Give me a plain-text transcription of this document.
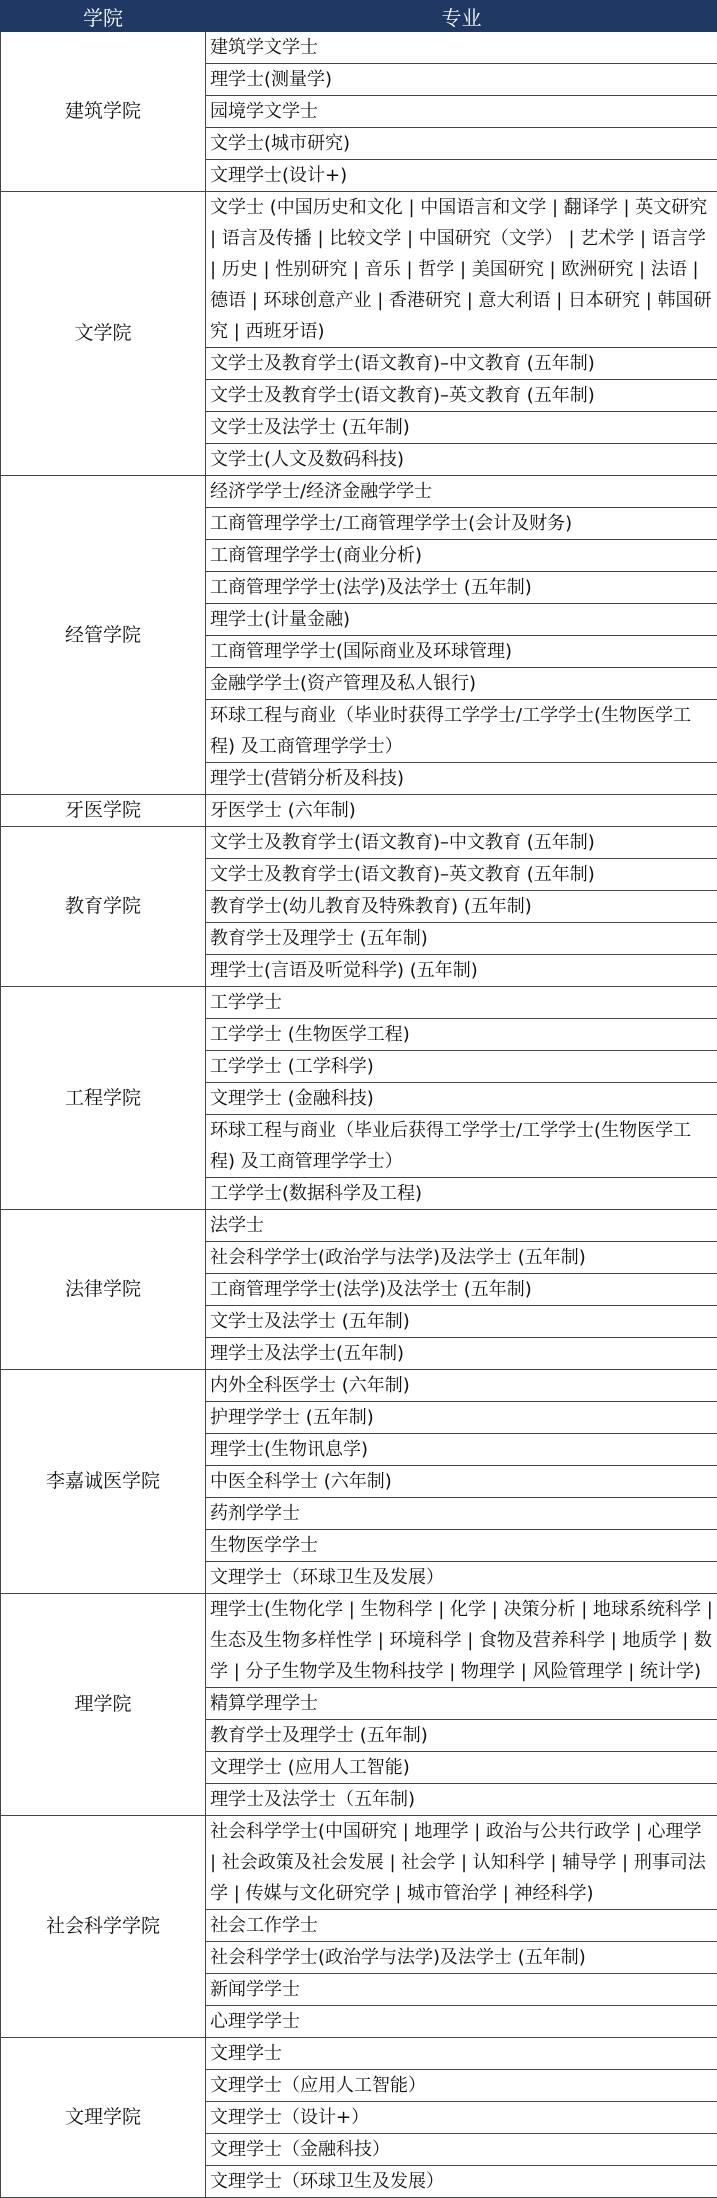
学院	专业
建筑学院	建筑学文学士
	理学士(测量学)
	园境学文学士
	文学士(城市研究)
	文理学士(设计+)
文学院	文学士 (中国历史和文化 | 中国语言和文学 | 翻译学 | 英文研究 | 语言及传播 | 比较文学 | 中国研究（文学） | 艺术学 | 语言学 | 历史 | 性别研究 | 音乐 | 哲学 | 美国研究 | 欧洲研究 | 法语 | 德语 | 环球创意产业 | 香港研究 | 意大利语 | 日本研究 | 韩国研究 | 西班牙语)
	文学士及教育学士(语文教育)–中文教育 (五年制)
	文学士及教育学士(语文教育)–英文教育 (五年制)
	文学士及法学士 (五年制)
	文学士(人文及数码科技)
经管学院	经济学学士/经济金融学学士
	工商管理学学士/工商管理学学士(会计及财务)
	工商管理学学士(商业分析)
	工商管理学学士(法学)及法学士 (五年制)
	理学士(计量金融)
	工商管理学学士(国际商业及环球管理)
	金融学学士(资产管理及私人银行)
	环球工程与商业（毕业时获得工学学士/工学学士(生物医学工程) 及工商管理学学士）
	理学士(营销分析及科技)
牙医学院	牙医学士 (六年制)
教育学院	文学士及教育学士(语文教育)–中文教育 (五年制)
	文学士及教育学士(语文教育)–英文教育 (五年制)
	教育学士(幼儿教育及特殊教育) (五年制)
	教育学士及理学士 (五年制)
	理学士(言语及听觉科学) (五年制)
工程学院	工学学士
	工学学士 (生物医学工程)
	工学学士 (工学科学)
	文理学士 (金融科技)
	环球工程与商业（毕业后获得工学学士/工学学士(生物医学工程) 及工商管理学学士）
	工学学士(数据科学及工程)
法律学院	法学士
	社会科学学士(政治学与法学)及法学士 (五年制)
	工商管理学学士(法学)及法学士 (五年制)
	文学士及法学士 (五年制)
	理学士及法学士(五年制)
李嘉诚医学院	内外全科医学士 (六年制)
	护理学学士 (五年制)
	理学士(生物讯息学)
	中医全科学士 (六年制)
	药剂学学士
	生物医学学士
	文理学士（环球卫生及发展）
理学院	理学士(生物化学 | 生物科学 | 化学 | 决策分析 | 地球系统科学 | 生态及生物多样性学 | 环境科学 | 食物及营养科学 | 地质学 | 数学 | 分子生物学及生物科技学 | 物理学 | 风险管理学 | 统计学)
	精算学理学士
	教育学士及理学士 (五年制)
	文理学士 (应用人工智能)
	理学士及法学士（五年制)
社会科学学院	社会科学学士(中国研究 | 地理学 | 政治与公共行政学 | 心理学 | 社会政策及社会发展 | 社会学 | 认知科学 | 辅导学 | 刑事司法学 | 传媒与文化研究学 | 城市管治学 | 神经科学)
	社会工作学士
	社会科学学士(政治学与法学)及法学士 (五年制)
	新闻学学士
	心理学学士
文理学院	文理学士
	文理学士（应用人工智能）
	文理学士（设计+）
	文理学士（金融科技）
	文理学士（环球卫生及发展）
